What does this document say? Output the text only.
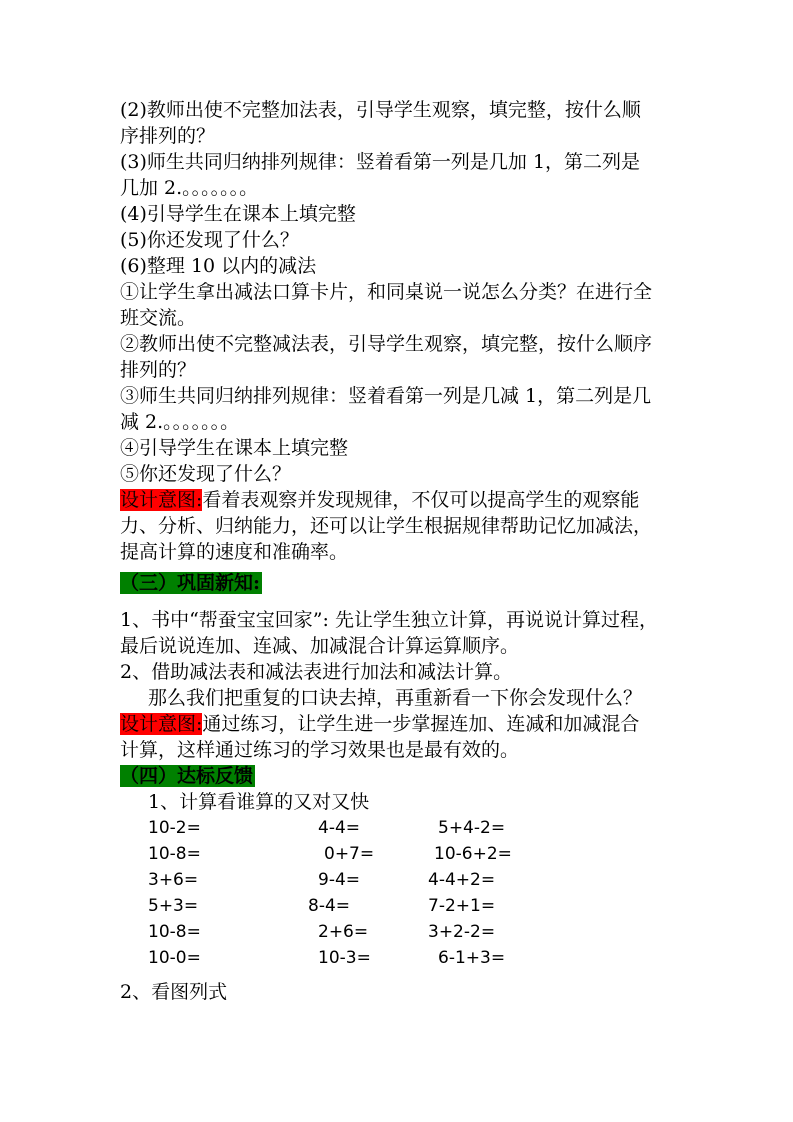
(2)教师出使不完整加法表，引导学生观察，填完整，按什么顺
序排列的？
(3)师生共同归纳排列规律：竖着看第一列是几加 1，第二列是
几加 2.。。。。。。。
(4)引导学生在课本上填完整
(5)你还发现了什么？
(6)整理 10 以内的减法
①让学生拿出减法口算卡片，和同桌说一说怎么分类？在进行全
班交流。
②教师出使不完整减法表，引导学生观察，填完整，按什么顺序
排列的？
③师生共同归纳排列规律：竖着看第一列是几减 1，第二列是几
减 2.。。。。。。。
④引导学生在课本上填完整
⑤你还发现了什么？
设计意图:看着表观察并发现规律，不仅可以提高学生的观察能
力、分析、归纳能力，还可以让学生根据规律帮助记忆加减法，
提高计算的速度和准确率。
（三）巩固新知:
1、书中“帮蚕宝宝回家”: 先让学生独立计算，再说说计算过程，
最后说说连加、连减、加减混合计算运算顺序。
2、借助减法表和减法表进行加法和减法计算。
那么我们把重复的口诀去掉，再重新看一下你会发现什么？
设计意图:通过练习，让学生进一步掌握连加、连减和加减混合
计算，这样通过练习的学习效果也是最有效的。
（四）达标反馈
1、计算看谁算的又对又快
10-2=	4-4=	5+4-2=
10-8=	0+7=	10-6+2=
3+6=	9-4=	4-4+2=
5+3=	8-4=	7-2+1=
10-8=	2+6=	3+2-2=
10-0=	10-3=	6-1+3=
2、看图列式
